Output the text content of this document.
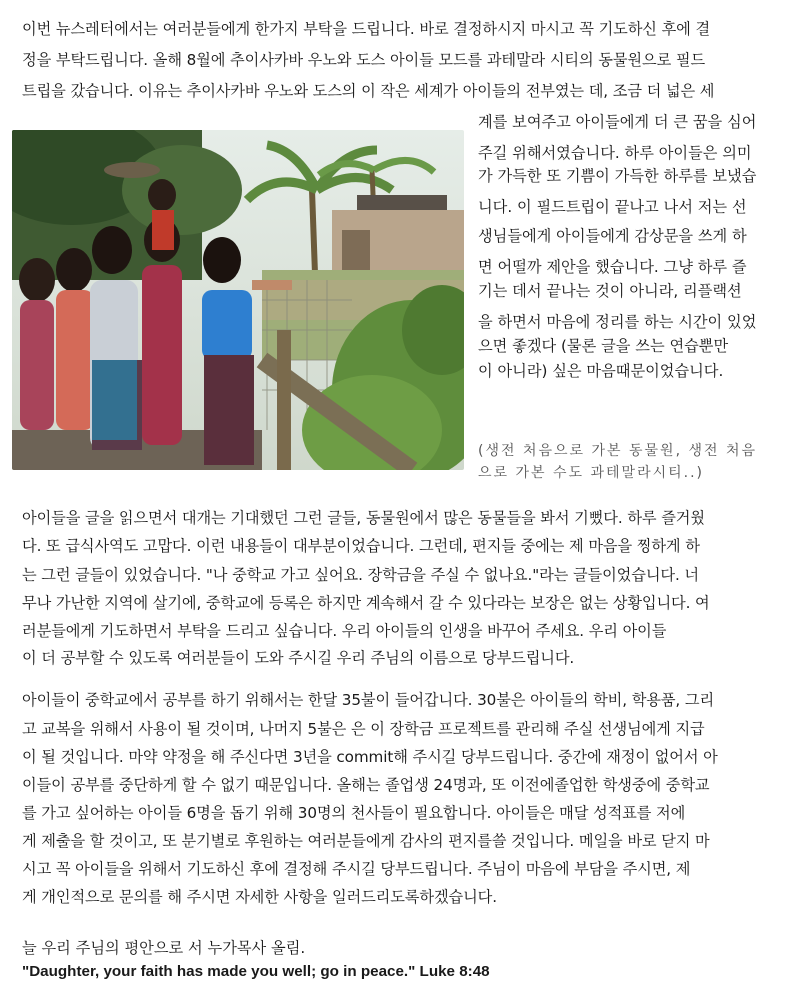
이번 뉴스레터에서는 여러분들에게 한가지 부탁을 드립니다. 바로 결정하시지 마시고 꼭 기도하신 후에 결
정을 부탁드립니다. 올해 8월에 추이사카바 우노와 도스 아이들 모드를 과테말라 시티의 동물원으로 필드
트립을 갔습니다. 이유는 추이사카바 우노와 도스의 이 작은 세계가 아이들의 전부였는 데, 조금 더 넓은 세
계를 보여주고 아이들에게 더 큰 꿈을 심어
주길 위해서였습니다. 하루 아이들은 의미
가 가득한 또 기쁨이 가득한 하루를 보냈습
니다. 이 필드트립이 끝나고 나서 저는 선
생님들에게 아이들에게 감상문을 쓰게 하
면 어떨까 제안을 했습니다. 그냥 하루 즐
기는 데서 끝나는 것이 아니라, 리플랙션
을 하면서 마음에 정리를 하는 시간이 있었
으면 좋겠다 (물론 글을 쓰는 연습뿐만
이 아니라) 싶은 마음때문이었습니다.
(생전 처음으로 가본 동물원, 생전 처음
으로 가본 수도 과테말라시티..)
아이들을 글을 읽으면서 대개는 기대했던 그런 글들, 동물원에서 많은 동물들을 봐서 기뻤다. 하루 즐거웠
다. 또 급식사역도 고맙다. 이런 내용들이 대부분이었습니다. 그런데, 편지들 중에는 제 마음을 찡하게 하
는 그런 글들이 있었습니다. "나 중학교 가고 싶어요. 장학금을 주실 수 없나요."라는 글들이었습니다. 너
무나 가난한 지역에 살기에, 중학교에 등록은 하지만 계속해서 갈 수 있다라는 보장은 없는 상황입니다. 여
러분들에게 기도하면서 부탁을 드리고 싶습니다. 우리 아이들의 인생을 바꾸어 주세요. 우리 아이들
이 더 공부할 수 있도록 여러분들이 도와 주시길 우리 주님의 이름으로 당부드립니다.
아이들이 중학교에서 공부를 하기 위해서는 한달 35불이 들어갑니다. 30불은 아이들의 학비, 학용품, 그리
고 교복을 위해서 사용이 될 것이며, 나머지 5불은 은 이 장학금 프로젝트를 관리해 주실 선생님에게 지급
이 될 것입니다. 마약 약정을 해 주신다면 3년을 commit해 주시길 당부드립니다. 중간에 재정이 없어서 아
이들이 공부를 중단하게 할 수 없기 때문입니다. 올해는 졸업생 24명과, 또 이전에졸업한 학생중에 중학교
를 가고 싶어하는 아이들 6명을 돕기 위해 30명의 천사들이 필요합니다. 아이들은 매달 성적표를 저에
게 제출을 할 것이고, 또 분기별로 후원하는 여러분들에게 감사의 편지를쓸 것입니다. 메일을 바로 닫지 마
시고 꼭 아이들을 위해서 기도하신 후에 결정해 주시길 당부드립니다. 주님이 마음에 부담을 주시면, 제
게 개인적으로 문의를 해 주시면 자세한 사항을 일러드리도록하겠습니다.
늘 우리 주님의 평안으로 서 누가목사 올림.
"Daughter, your faith has made you well; go in peace." Luke 8:48
